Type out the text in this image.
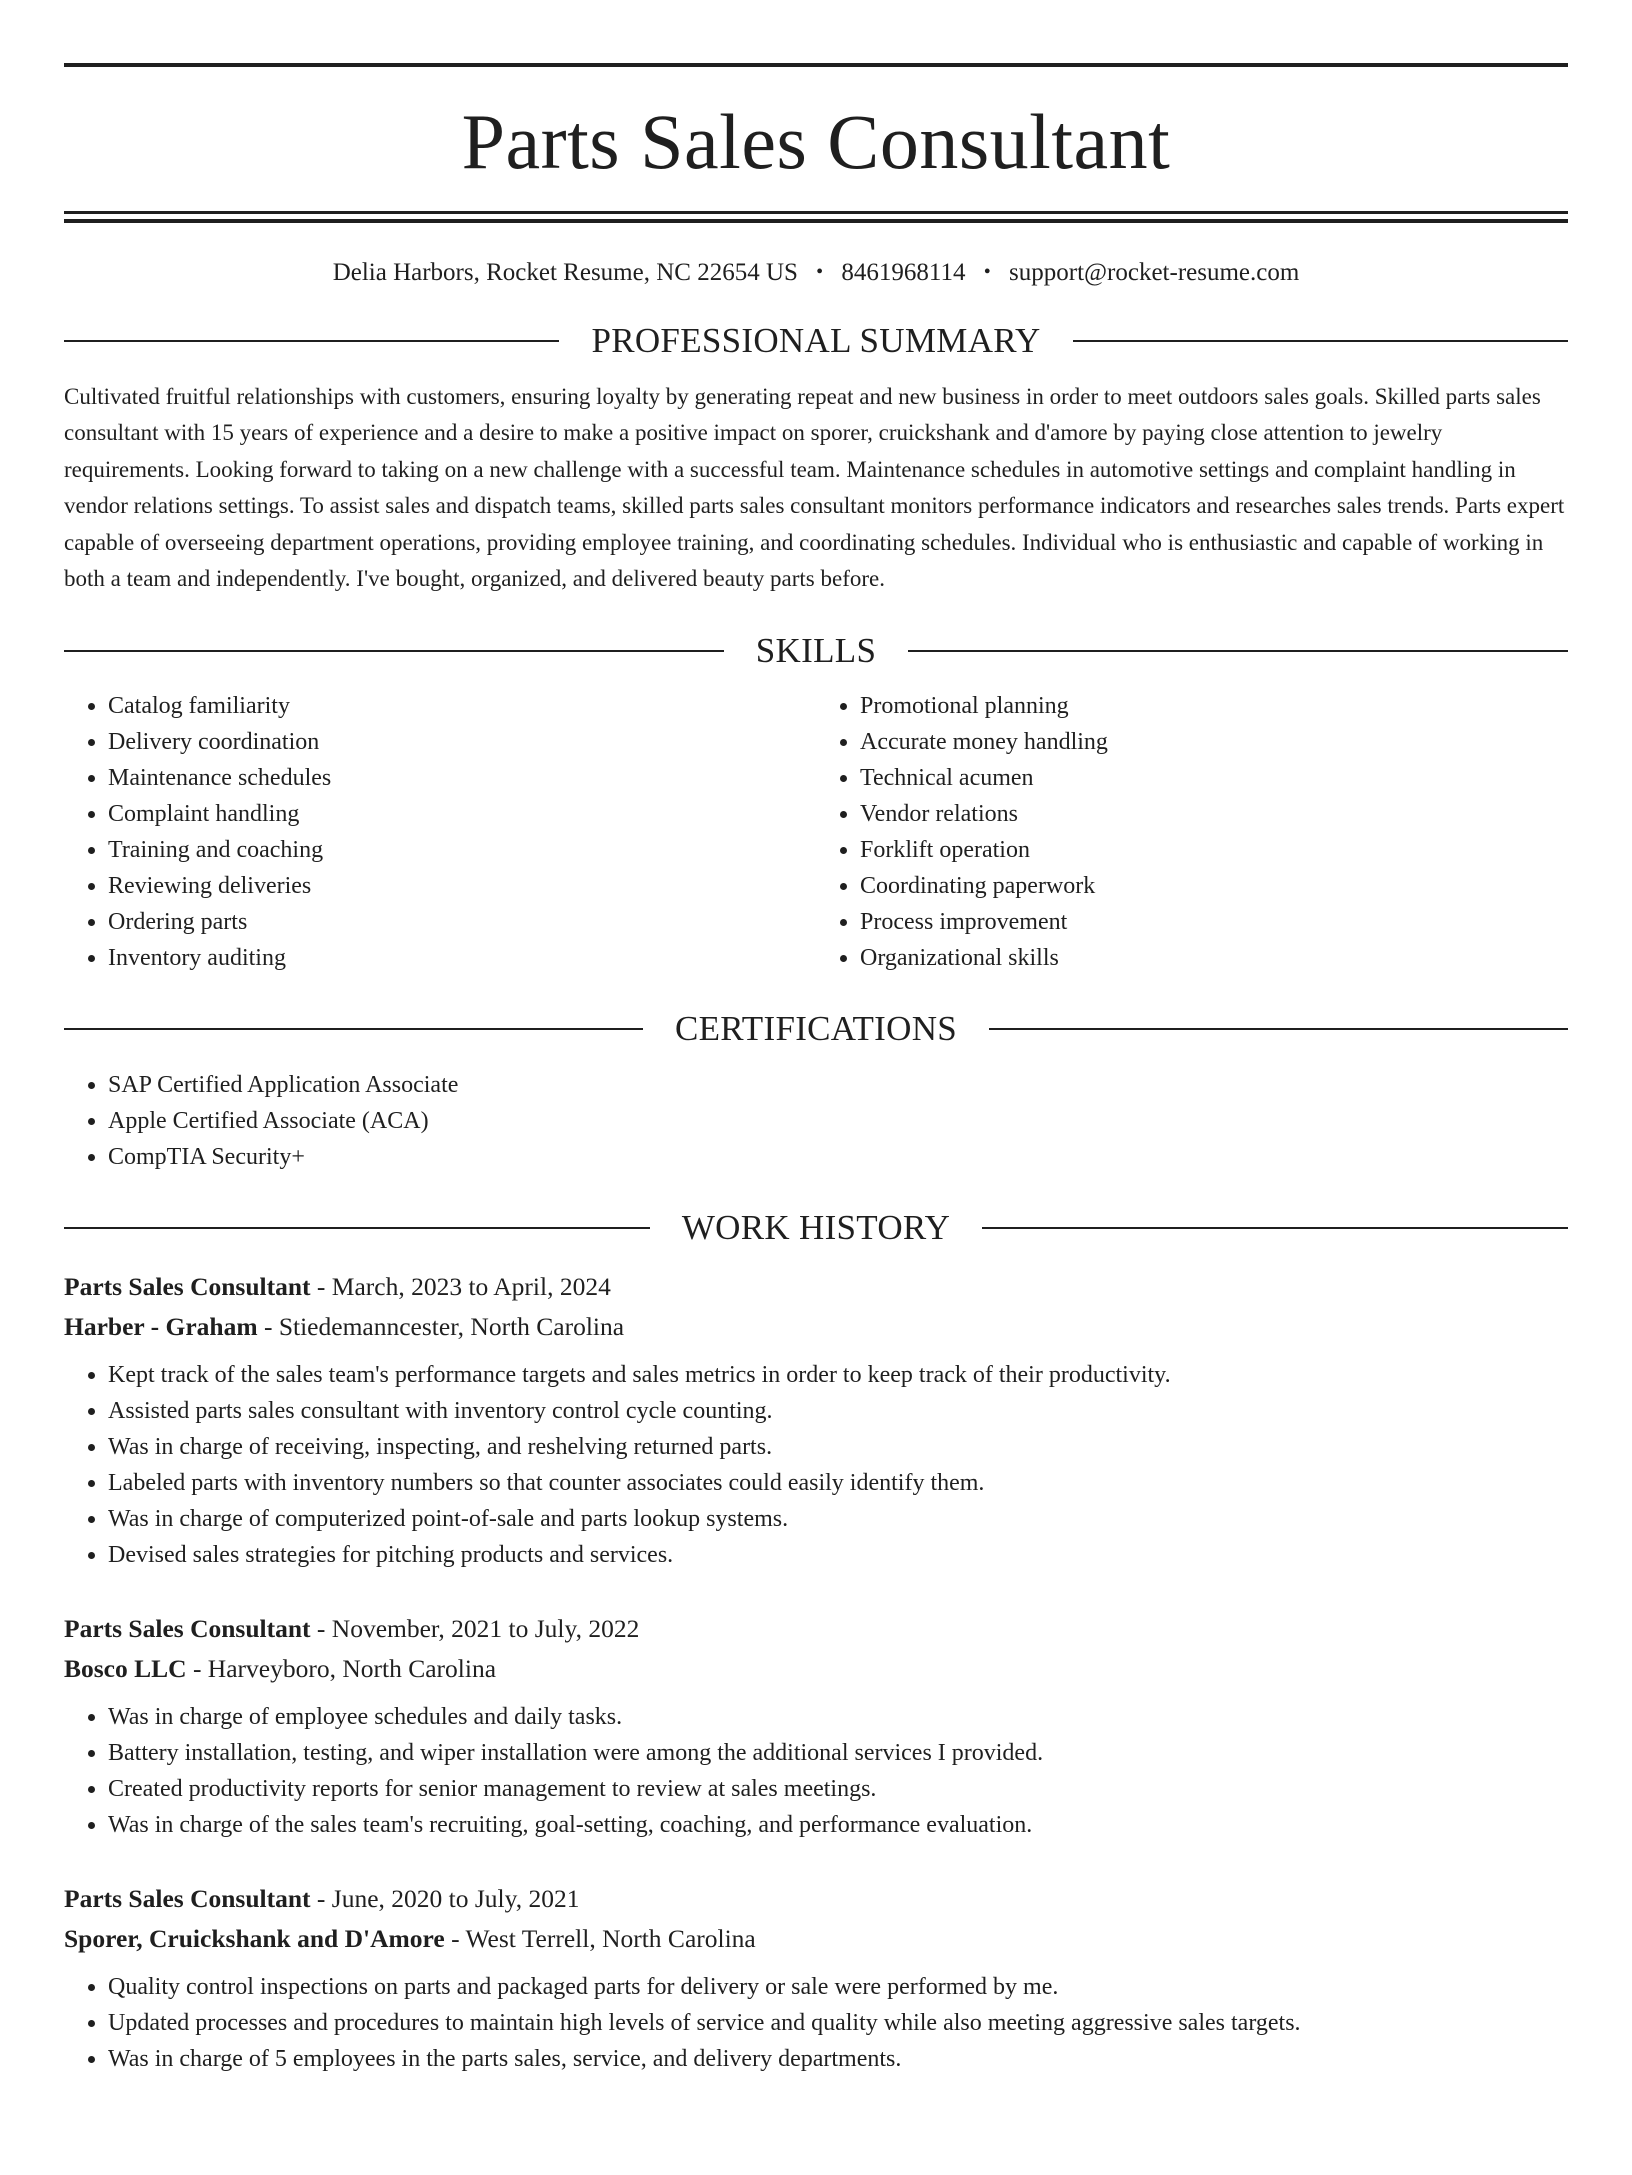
Parts Sales Consultant
Delia Harbors, Rocket Resume, NC 22654 US • 8461968114 • support@rocket-resume.com
PROFESSIONAL SUMMARY

Cultivated fruitful relationships with customers, ensuring loyalty by generating repeat and new business in order to meet outdoors sales goals. Skilled parts sales consultant with 15 years of experience and a desire to make a positive impact on sporer, cruickshank and d'amore by paying close attention to jewelry requirements. Looking forward to taking on a new challenge with a successful team. Maintenance schedules in automotive settings and complaint handling in vendor relations settings. To assist sales and dispatch teams, skilled parts sales consultant monitors performance indicators and researches sales trends. Parts expert capable of overseeing department operations, providing employee training, and coordinating schedules. Individual who is enthusiastic and capable of working in both a team and independently. I've bought, organized, and delivered beauty parts before.

SKILLS
• Catalog familiarity
• Delivery coordination
• Maintenance schedules
• Complaint handling
• Training and coaching
• Reviewing deliveries
• Ordering parts
• Inventory auditing
• Promotional planning
• Accurate money handling
• Technical acumen
• Vendor relations
• Forklift operation
• Coordinating paperwork
• Process improvement
• Organizational skills
CERTIFICATIONS
• SAP Certified Application Associate
• Apple Certified Associate (ACA)
• CompTIA Security+
WORK HISTORY
Parts Sales Consultant - March, 2023 to April, 2024
Harber - Graham - Stiedemanncester, North Carolina
• Kept track of the sales team's performance targets and sales metrics in order to keep track of their productivity.
• Assisted parts sales consultant with inventory control cycle counting.
• Was in charge of receiving, inspecting, and reshelving returned parts.
• Labeled parts with inventory numbers so that counter associates could easily identify them.
• Was in charge of computerized point-of-sale and parts lookup systems.
• Devised sales strategies for pitching products and services.
Parts Sales Consultant - November, 2021 to July, 2022
Bosco LLC - Harveyboro, North Carolina
• Was in charge of employee schedules and daily tasks.
• Battery installation, testing, and wiper installation were among the additional services I provided.
• Created productivity reports for senior management to review at sales meetings.
• Was in charge of the sales team's recruiting, goal-setting, coaching, and performance evaluation.
Parts Sales Consultant - June, 2020 to July, 2021
Sporer, Cruickshank and D'Amore - West Terrell, North Carolina
• Quality control inspections on parts and packaged parts for delivery or sale were performed by me.
• Updated processes and procedures to maintain high levels of service and quality while also meeting aggressive sales targets.
• Was in charge of 5 employees in the parts sales, service, and delivery departments.
